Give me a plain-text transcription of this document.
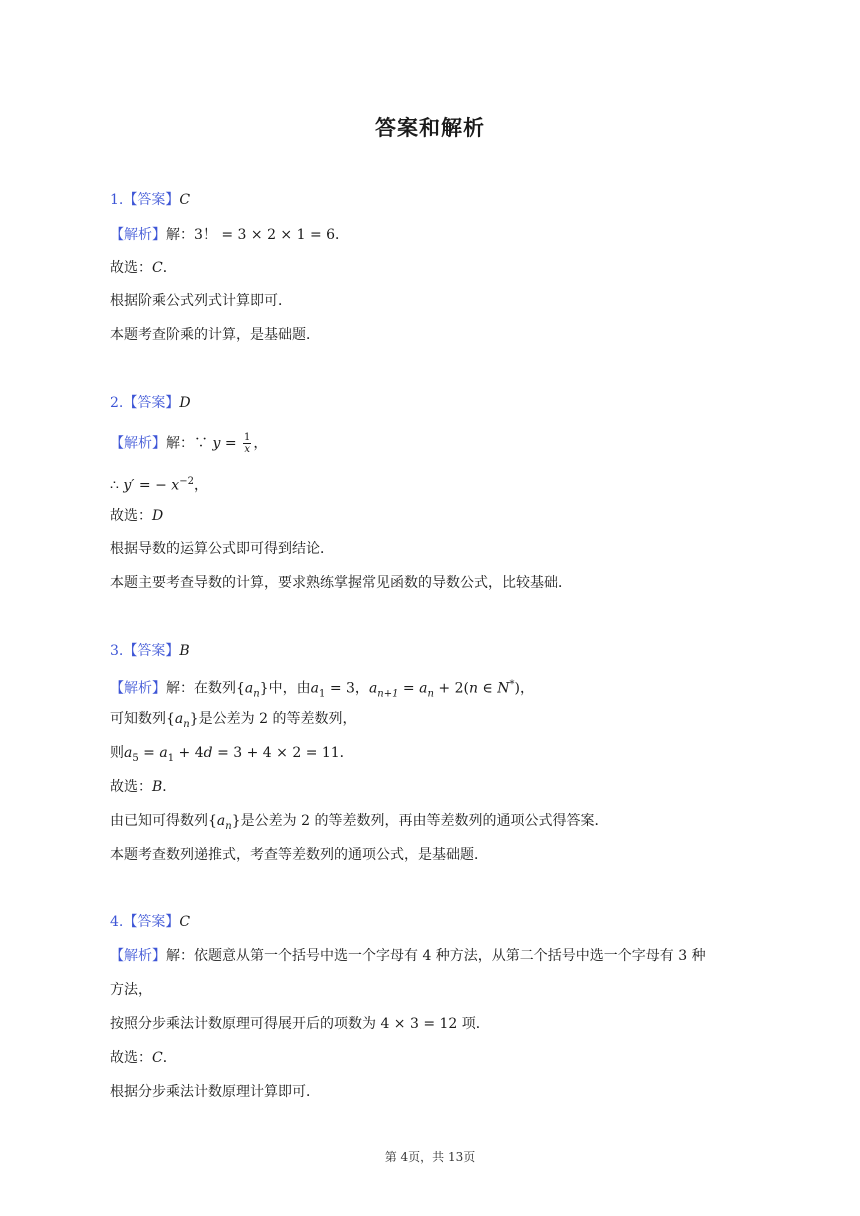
答案和解析
1.【答案】C
【解析】解：3！ = 3 × 2 × 1 = 6．
故选：C．
根据阶乘公式列式计算即可．
本题考查阶乘的计算，是基础题．
2.【答案】D
【解析】解：∵ $y = \frac{1}{x}$ ，
∴ y′ = − $x^{-2}$，
故选：D
根据导数的运算公式即可得到结论．
本题主要考查导数的计算，要求熟练掌握常见函数的导数公式，比较基础．
3.【答案】B
【解析】解：在数列$\{a_n\}$中，由$a_1 = 3$，$a_{n+1} = a_n + 2(n$ ∈ N*)，
可知数列$\{a_n\}$是公差为 2 的等差数列，
则$a_5 = a_1 + 4d = 3 + 4 \times 2 = 11$．
故选：B．
由已知可得数列$\{a_n\}$是公差为 2 的等差数列，再由等差数列的通项公式得答案．
本题考查数列递推式，考查等差数列的通项公式，是基础题．
4.【答案】C
【解析】解：依题意从第一个括号中选一个字母有 4 种方法，从第二个括号中选一个字母有 3 种
方法，
按照分步乘法计数原理可得展开后的项数为 4 × 3 = 12 项．
故选：C．
根据分步乘法计数原理计算即可．
第 4页，共 13页
